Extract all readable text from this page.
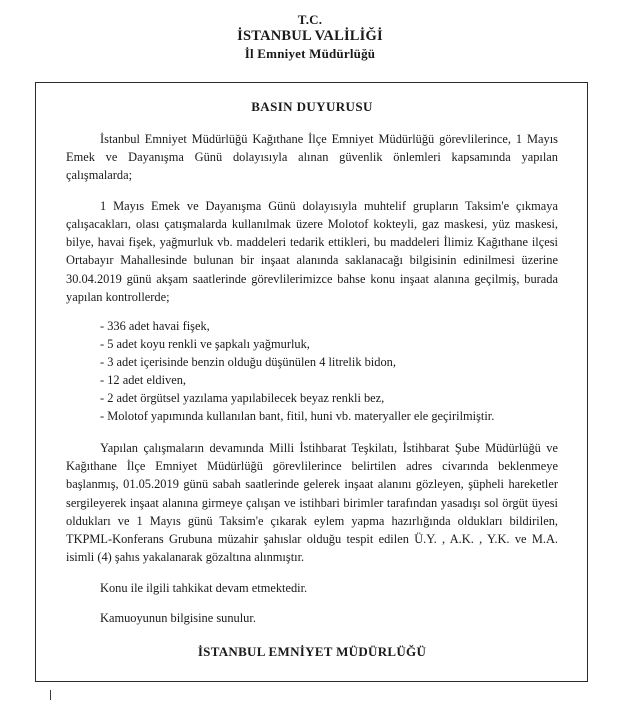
T.C.
İSTANBUL VALİLİĞİ
İl Emniyet Müdürlüğü
BASIN DUYURUSU

İstanbul Emniyet Müdürlüğü Kağıthane İlçe Emniyet Müdürlüğü görevlilerince, 1 Mayıs Emek ve Dayanışma Günü dolayısıyla alınan güvenlik önlemleri kapsamında yapılan çalışmalarda;

1 Mayıs Emek ve Dayanışma Günü dolayısıyla muhtelif grupların Taksim'e çıkmaya çalışacakları, olası çatışmalarda kullanılmak üzere Molotof kokteyli, gaz maskesi, yüz maskesi, bilye, havai fişek, yağmurluk vb. maddeleri tedarik ettikleri, bu maddeleri İlimiz Kağıthane ilçesi Ortabayır Mahallesinde bulunan bir inşaat alanında saklanacağı bilgisinin edinilmesi üzerine 30.04.2019 günü akşam saatlerinde görevlilerimizce bahse konu inşaat alanına geçilmiş, burada yapılan kontrollerde;

- 336 adet havai fişek,
- 5 adet koyu renkli ve şapkalı yağmurluk,
- 3 adet içerisinde benzin olduğu düşünülen 4 litrelik bidon,
- 12 adet eldiven,
- 2 adet örgütsel yazılama yapılabilecek beyaz renkli bez,
- Molotof yapımında kullanılan bant, fitil, huni vb. materyaller ele geçirilmiştir.

Yapılan çalışmaların devamında Milli İstihbarat Teşkilatı, İstihbarat Şube Müdürlüğü ve Kağıthane İlçe Emniyet Müdürlüğü görevlilerince belirtilen adres civarında beklenmeye başlanmış, 01.05.2019 günü sabah saatlerinde gelerek inşaat alanını gözleyen, şüpheli hareketler sergileyerek inşaat alanına girmeye çalışan ve istihbari birimler tarafından yasadışı sol örgüt üyesi oldukları ve 1 Mayıs günü Taksim'e çıkarak eylem yapma hazırlığında oldukları bildirilen, TKPML-Konferans Grubuna müzahir şahıslar olduğu tespit edilen Ü.Y. , A.K. , Y.K. ve M.A. isimli (4) şahıs yakalanarak gözaltına alınmıştır.

Konu ile ilgili tahkikat devam etmektedir.

Kamuoyunun bilgisine sunulur.

İSTANBUL EMNİYET MÜDÜRLÜĞÜ
